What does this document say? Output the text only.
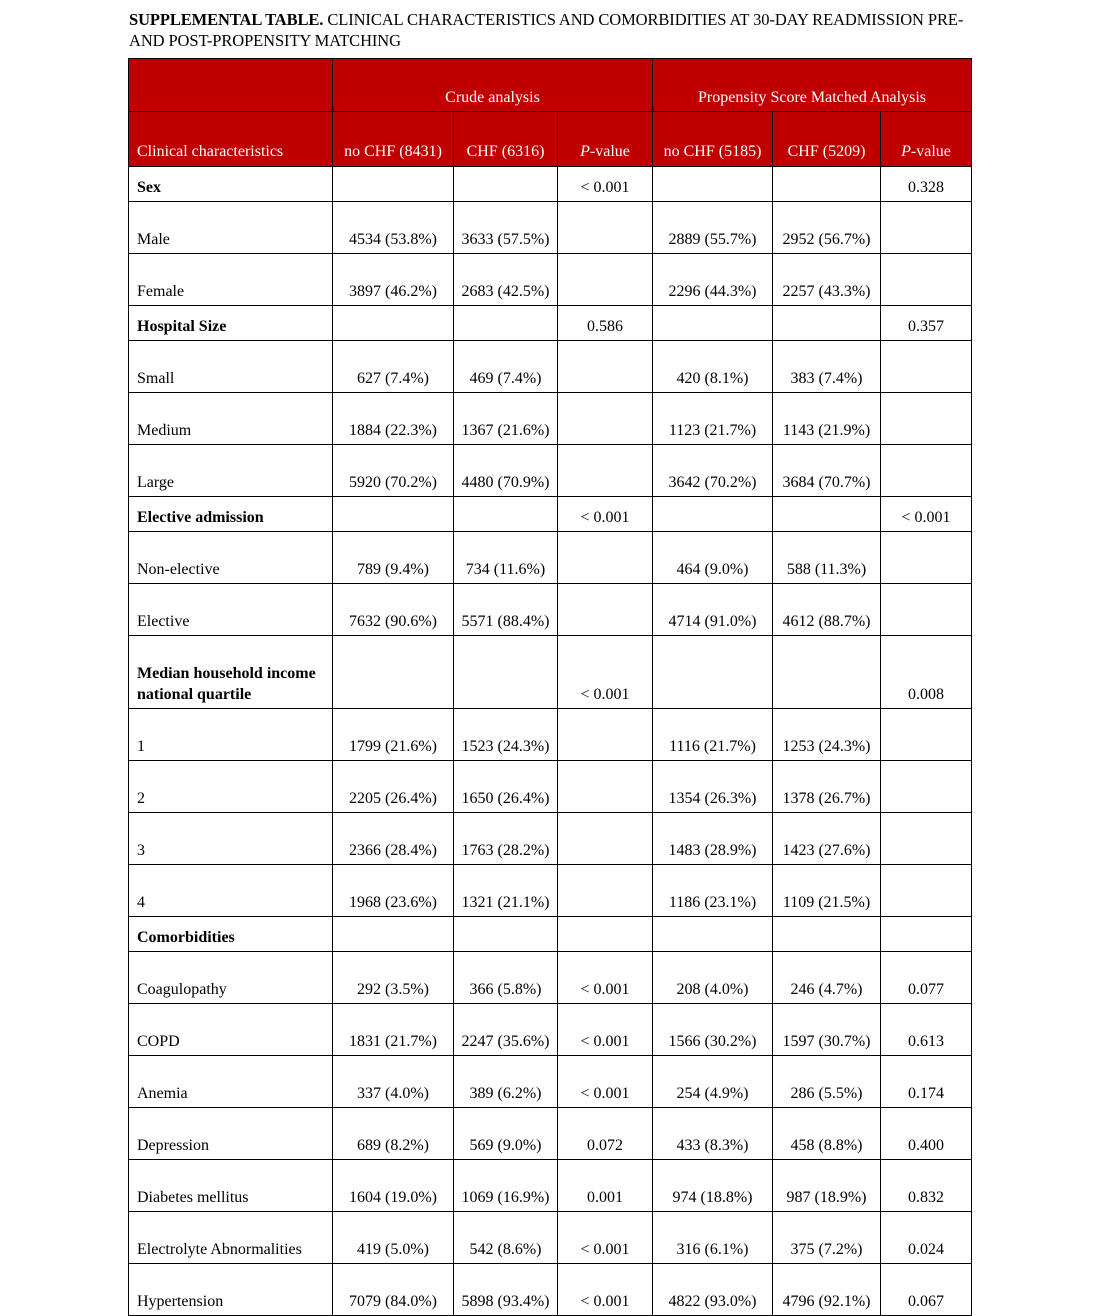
SUPPLEMENTAL TABLE. CLINICAL CHARACTERISTICS AND COMORBIDITIES AT 30-DAY READMISSION PRE- AND POST-PROPENSITY MATCHING
	Crude analysis			Propensity Score Matched Analysis		
Clinical characteristics	no CHF (8431)	CHF (6316)	P-value	no CHF (5185)	CHF (5209)	P-value
Sex			< 0.001			0.328
Male	4534 (53.8%)	3633 (57.5%)		2889 (55.7%)	2952 (56.7%)	
Female	3897 (46.2%)	2683 (42.5%)		2296 (44.3%)	2257 (43.3%)	
Hospital Size			0.586			0.357
Small	627 (7.4%)	469 (7.4%)		420 (8.1%)	383 (7.4%)	
Medium	1884 (22.3%)	1367 (21.6%)		1123 (21.7%)	1143 (21.9%)	
Large	5920 (70.2%)	4480 (70.9%)		3642 (70.2%)	3684 (70.7%)	
Elective admission			< 0.001			< 0.001
Non-elective	789 (9.4%)	734 (11.6%)		464 (9.0%)	588 (11.3%)	
Elective	7632 (90.6%)	5571 (88.4%)		4714 (91.0%)	4612 (88.7%)	
Median household income national quartile			< 0.001			0.008
1	1799 (21.6%)	1523 (24.3%)		1116 (21.7%)	1253 (24.3%)	
2	2205 (26.4%)	1650 (26.4%)		1354 (26.3%)	1378 (26.7%)	
3	2366 (28.4%)	1763 (28.2%)		1483 (28.9%)	1423 (27.6%)	
4	1968 (23.6%)	1321 (21.1%)		1186 (23.1%)	1109 (21.5%)	
Comorbidities						
Coagulopathy	292 (3.5%)	366 (5.8%)	< 0.001	208 (4.0%)	246 (4.7%)	0.077
COPD	1831 (21.7%)	2247 (35.6%)	< 0.001	1566 (30.2%)	1597 (30.7%)	0.613
Anemia	337 (4.0%)	389 (6.2%)	< 0.001	254 (4.9%)	286 (5.5%)	0.174
Depression	689 (8.2%)	569 (9.0%)	0.072	433 (8.3%)	458 (8.8%)	0.400
Diabetes mellitus	1604 (19.0%)	1069 (16.9%)	0.001	974 (18.8%)	987 (18.9%)	0.832
Electrolyte Abnormalities	419 (5.0%)	542 (8.6%)	< 0.001	316 (6.1%)	375 (7.2%)	0.024
Hypertension	7079 (84.0%)	5898 (93.4%)	< 0.001	4822 (93.0%)	4796 (92.1%)	0.067
